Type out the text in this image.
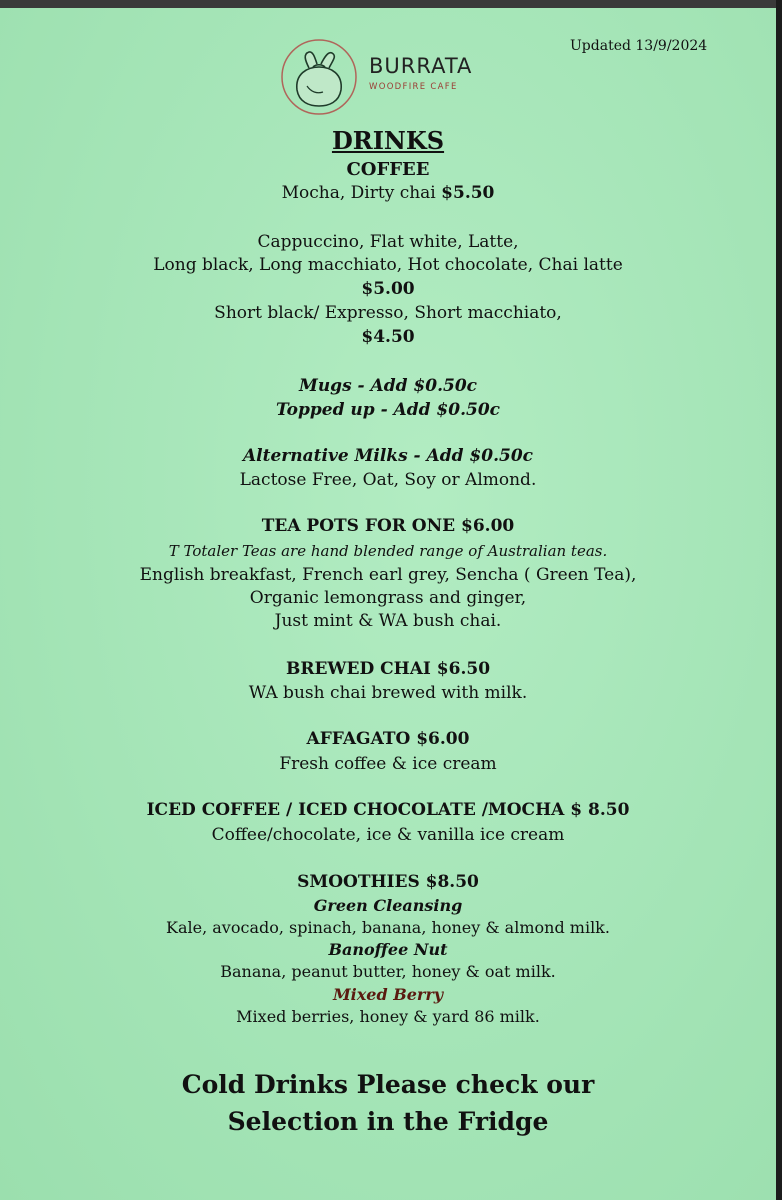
Updated 13/9/2024
BURRATA
WOODFIRE CAFE
DRINKS
COFFEE
Mocha, Dirty chai $5.50
Cappuccino, Flat white, Latte,
Long black, Long macchiato, Hot chocolate, Chai latte
$5.00
Short black/ Expresso, Short macchiato,
$4.50
Mugs - Add $0.50c
Topped up - Add $0.50c
Alternative Milks - Add $0.50c
Lactose Free, Oat, Soy or Almond.
TEA POTS FOR ONE $6.00
T Totaler Teas are hand blended range of Australian teas.
English breakfast, French earl grey, Sencha ( Green Tea),
Organic lemongrass and ginger,
Just mint & WA bush chai.
BREWED CHAI $6.50
WA bush chai brewed with milk.
AFFAGATO $6.00
Fresh coffee & ice cream
ICED COFFEE / ICED CHOCOLATE /MOCHA $ 8.50
Coffee/chocolate, ice & vanilla ice cream
SMOOTHIES $8.50
Green Cleansing
Kale, avocado, spinach, banana, honey & almond milk.
Banoffee Nut
Banana, peanut butter, honey & oat milk.
Mixed Berry
Mixed berries, honey & yard 86 milk.
Cold Drinks Please check our
Selection in the Fridge
